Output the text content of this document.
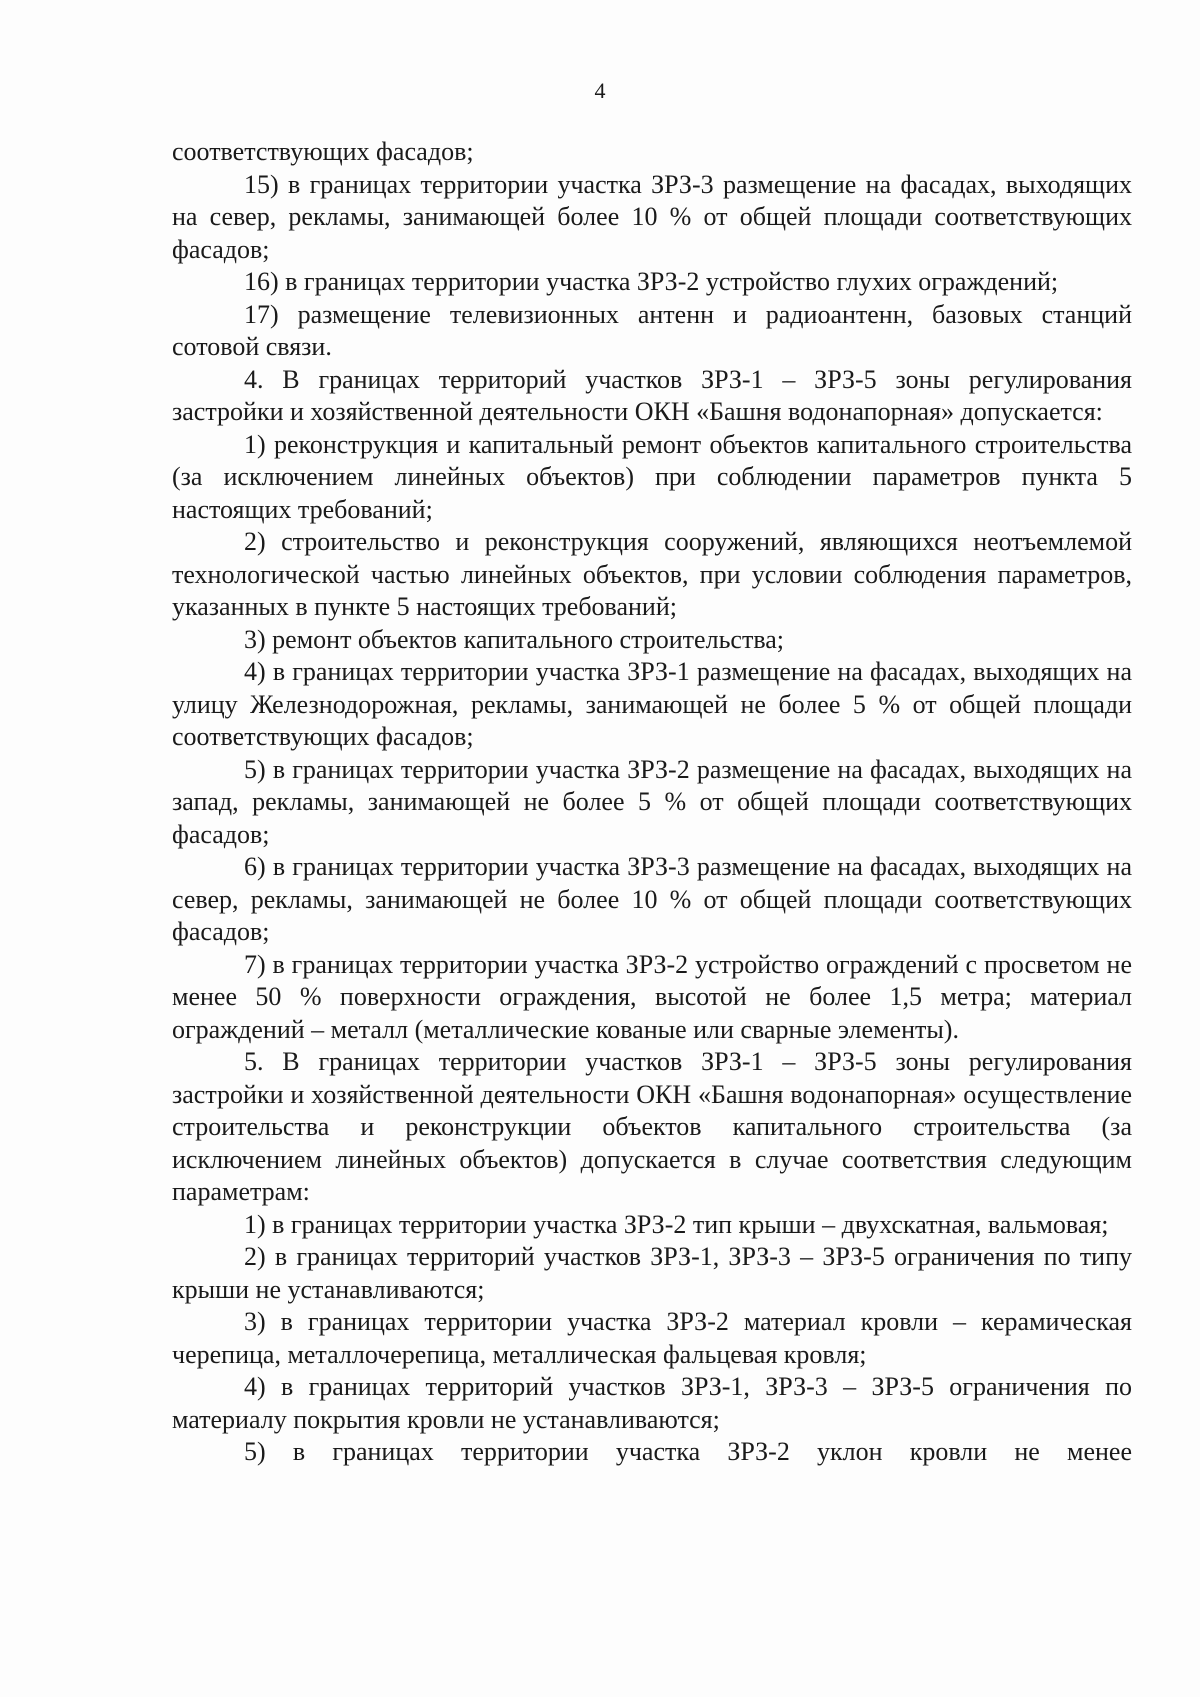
4

соответствующих фасадов;

15) в границах территории участка ЗРЗ-3 размещение на фасадах, выходящих на север, рекламы, занимающей более 10 % от общей площади соответствующих фасадов;

16) в границах территории участка ЗРЗ-2 устройство глухих ограждений;

17) размещение телевизионных антенн и радиоантенн, базовых станций сотовой связи.

4. В границах территорий участков ЗРЗ-1 – ЗРЗ-5 зоны регулирования застройки и хозяйственной деятельности ОКН «Башня водонапорная» допускается:

1) реконструкция и капитальный ремонт объектов капитального строительства (за исключением линейных объектов) при соблюдении параметров пункта 5 настоящих требований;

2) строительство и реконструкция сооружений, являющихся неотъемлемой технологической частью линейных объектов, при условии соблюдения параметров, указанных в пункте 5 настоящих требований;

3) ремонт объектов капитального строительства;

4) в границах территории участка ЗРЗ-1 размещение на фасадах, выходящих на улицу Железнодорожная, рекламы, занимающей не более 5 % от общей площади соответствующих фасадов;

5) в границах территории участка ЗРЗ-2 размещение на фасадах, выходящих на запад, рекламы, занимающей не более 5 % от общей площади соответствующих фасадов;

6) в границах территории участка ЗРЗ-3 размещение на фасадах, выходящих на север, рекламы, занимающей не более 10 % от общей площади соответствующих фасадов;

7) в границах территории участка ЗРЗ-2 устройство ограждений с просветом не менее 50 % поверхности ограждения, высотой не более 1,5 метра; материал ограждений – металл (металлические кованые или сварные элементы).

5. В границах территории участков ЗРЗ-1 – ЗРЗ-5 зоны регулирования застройки и хозяйственной деятельности ОКН «Башня водонапорная» осуществление строительства и реконструкции объектов капитального строительства (за исключением линейных объектов) допускается в случае соответствия следующим параметрам:

1) в границах территории участка ЗРЗ-2 тип крыши – двухскатная, вальмовая;

2) в границах территорий участков ЗРЗ-1, ЗРЗ-3 – ЗРЗ-5 ограничения по типу крыши не устанавливаются;

3) в границах территории участка ЗРЗ-2 материал кровли – керамическая черепица, металлочерепица, металлическая фальцевая кровля;

4) в границах территорий участков ЗРЗ-1, ЗРЗ-3 – ЗРЗ-5 ограничения по материалу покрытия кровли не устанавливаются;

5) в границах территории участка ЗРЗ-2 уклон кровли не менее
